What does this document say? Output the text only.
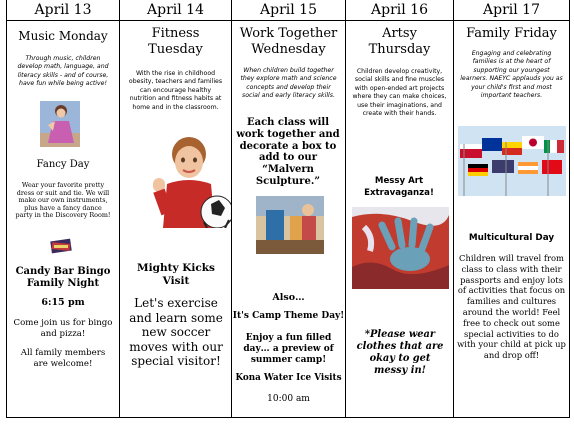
April 13
Music Monday
Through music, children develop math, language, and literacy skills - and of course, have fun while being active!
Fancy Day
Wear your favorite pretty dress or suit and tie. We will make our own instruments, plus have a fancy dance party in the Discovery Room!
Candy Bar Bingo Family Night
6:15 pm
Come join us for bingo and pizza!
All family members are welcome!
April 14
Fitness Tuesday
With the rise in childhood obesity, teachers and families can encourage healthy nutrition and fitness habits at home and in the classroom.
Mighty Kicks Visit
Let's exercise and learn some new soccer moves with our special visitor!
April 15
Work Together Wednesday
When children build together they explore math and science concepts and develop their social and early literacy skills.
Each class will work together and decorate a box to add to our “Malvern Sculpture.”
Also…
It's Camp Theme Day!
Enjoy a fun filled day… a preview of summer camp!
Kona Water Ice Visits
10:00 am
April 16
Artsy Thursday
Children develop creativity, social skills and fine muscles with open-ended art projects where they can make choices, use their imaginations, and create with their hands.
Messy Art Extravaganza!
*Please wear clothes that are okay to get messy in!
April 17
Family Friday
Engaging and celebrating families is at the heart of supporting our youngest learners. NAEYC applauds you as your child's first and most important teachers.
Multicultural Day
Children will travel from class to class with their passports and enjoy lots of activities that focus on families and cultures around the world! Feel free to check out some special activities to do with your child at pick up and drop off!
